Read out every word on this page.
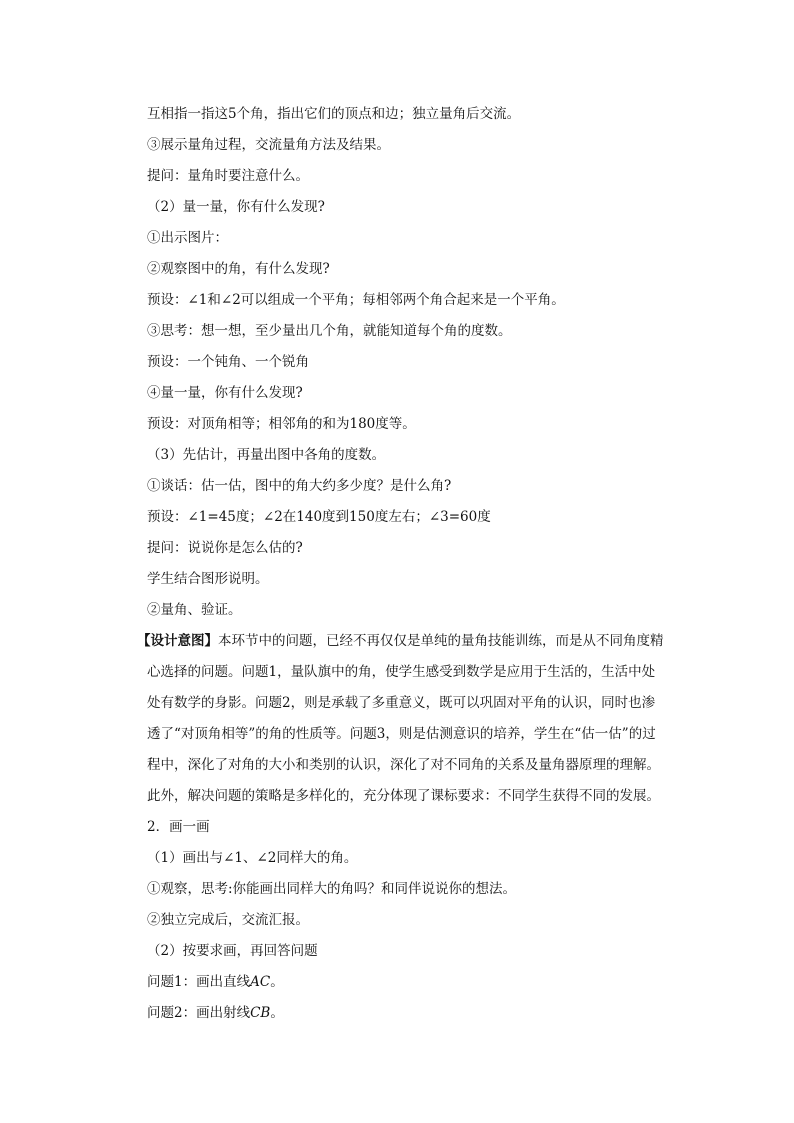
互相指一指这5个角，指出它们的顶点和边；独立量角后交流。
③展示量角过程，交流量角方法及结果。
提问：量角时要注意什么。
（2）量一量，你有什么发现?
①出示图片：
②观察图中的角，有什么发现?
预设：∠1和∠2可以组成一个平角；每相邻两个角合起来是一个平角。
③思考：想一想，至少量出几个角，就能知道每个角的度数。
预设：一个钝角、一个锐角
④量一量，你有什么发现?
预设：对顶角相等；相邻角的和为180度等。
（3）先估计，再量出图中各角的度数。
①谈话：估一估，图中的角大约多少度？是什么角?
预设：∠1=45度；∠2在140度到150度左右；∠3=60度
提问：说说你是怎么估的?
学生结合图形说明。
②量角、验证。

【设计意图】本环节中的问题，已经不再仅仅是单纯的量角技能训练，而是从不同角度精心选择的问题。问题1，量队旗中的角，使学生感受到数学是应用于生活的，生活中处处有数学的身影。问题2，则是承载了多重意义，既可以巩固对平角的认识，同时也渗透了“对顶角相等”的角的性质等。问题3，则是估测意识的培养，学生在“估一估”的过程中，深化了对角的大小和类别的认识，深化了对不同角的关系及量角器原理的理解。此外，解决问题的策略是多样化的，充分体现了课标要求：不同学生获得不同的发展。

2．画一画
（1）画出与∠1、∠2同样大的角。
①观察，思考:你能画出同样大的角吗？和同伴说说你的想法。
②独立完成后，交流汇报。
（2）按要求画，再回答问题
问题1：画出直线AC。
问题2：画出射线CB。
